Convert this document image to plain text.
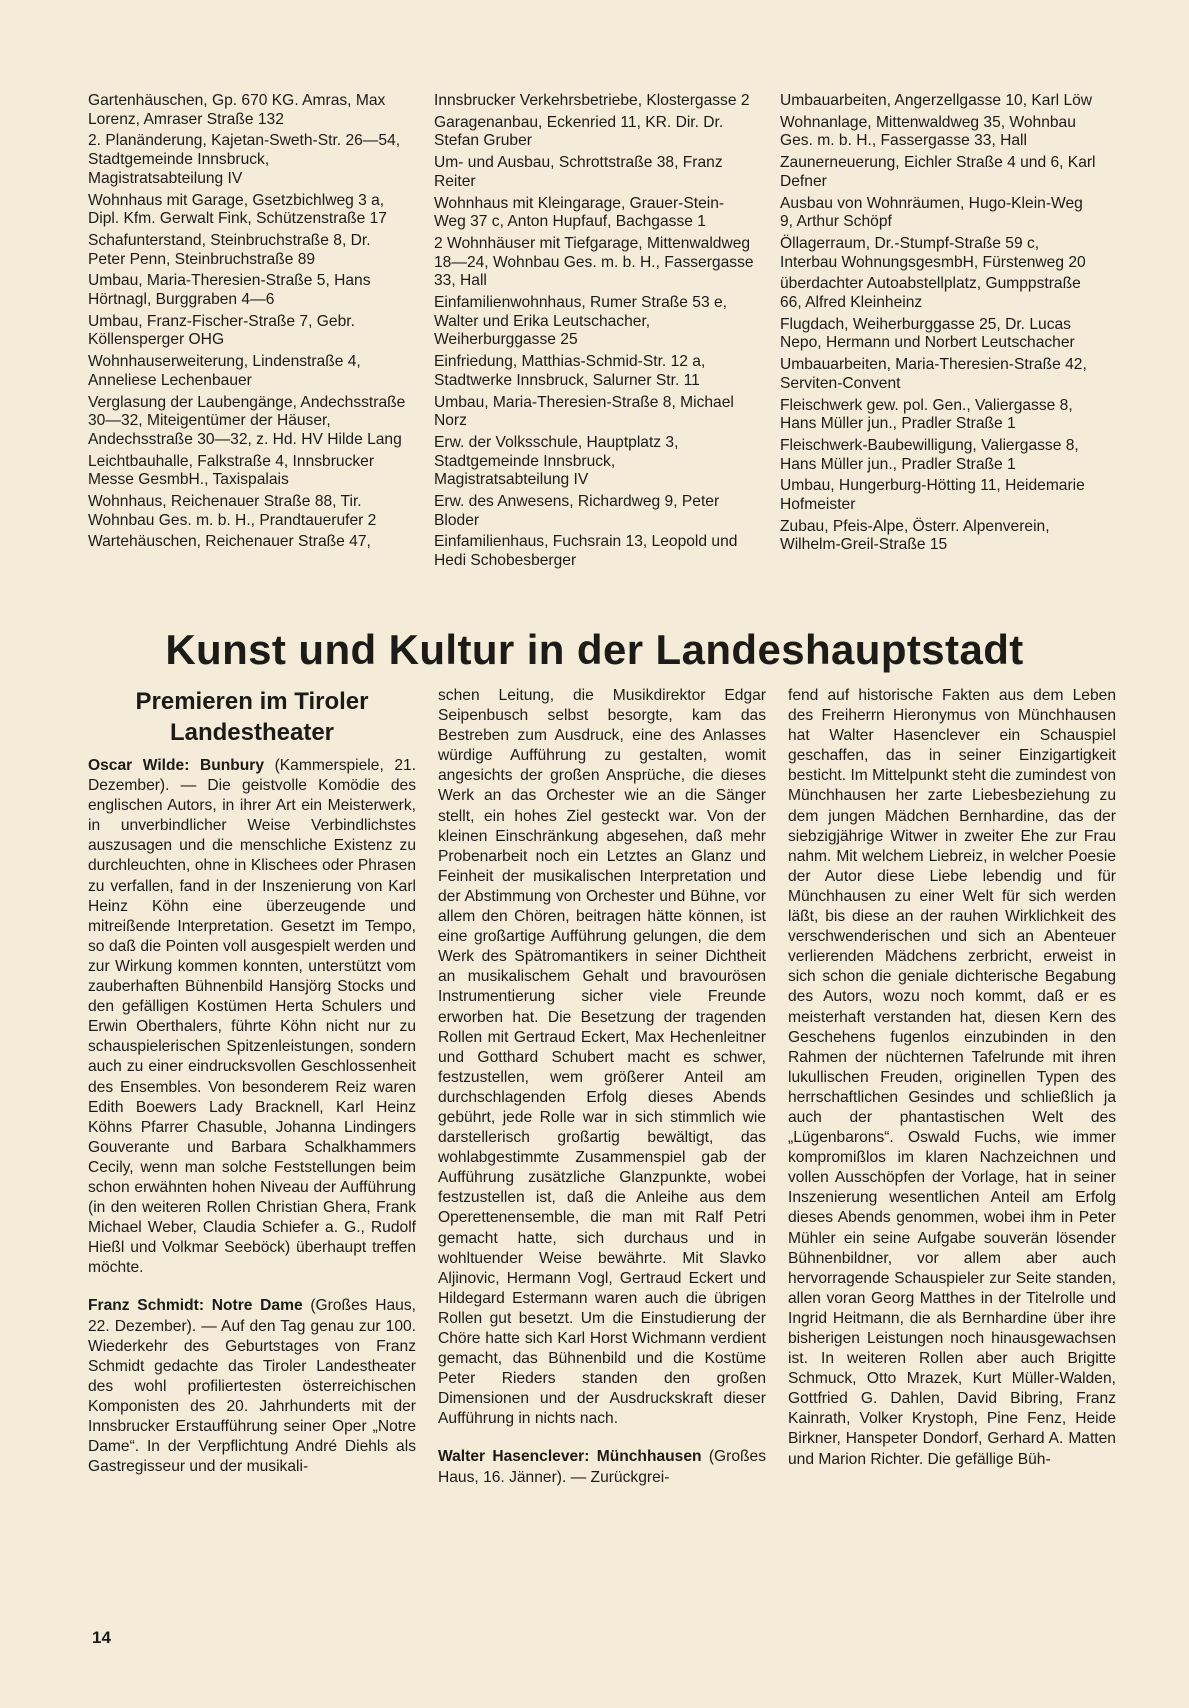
Gartenhäuschen, Gp. 670 KG. Amras, Max Lorenz, Amraser Straße 132

2. Planänderung, Kajetan-Sweth-Str. 26—54, Stadtgemeinde Innsbruck, Magistratsabteilung IV

Wohnhaus mit Garage, Gsetzbichlweg 3 a, Dipl. Kfm. Gerwalt Fink, Schützenstraße 17

Schafunterstand, Steinbruchstraße 8, Dr. Peter Penn, Steinbruchstraße 89

Umbau, Maria-Theresien-Straße 5, Hans Hörtnagl, Burggraben 4—6

Umbau, Franz-Fischer-Straße 7, Gebr. Köllensperger OHG

Wohnhauserweiterung, Lindenstraße 4, Anneliese Lechenbauer

Verglasung der Laubengänge, Andechsstraße 30—32, Miteigentümer der Häuser, Andechsstraße 30—32, z. Hd. HV Hilde Lang

Leichtbauhalle, Falkstraße 4, Innsbrucker Messe GesmbH., Taxispalais

Wohnhaus, Reichenauer Straße 88, Tir. Wohnbau Ges. m. b. H., Prandtauerufer 2

Wartehäuschen, Reichenauer Straße 47,

Innsbrucker Verkehrsbetriebe, Klostergasse 2

Garagenanbau, Eckenried 11, KR. Dir. Dr. Stefan Gruber

Um- und Ausbau, Schrottstraße 38, Franz Reiter

Wohnhaus mit Kleingarage, Grauer-Stein-Weg 37 c, Anton Hupfauf, Bachgasse 1

2 Wohnhäuser mit Tiefgarage, Mittenwaldweg 18—24, Wohnbau Ges. m. b. H., Fassergasse 33, Hall

Einfamilienwohnhaus, Rumer Straße 53 e, Walter und Erika Leutschacher, Weiherburggasse 25

Einfriedung, Matthias-Schmid-Str. 12 a, Stadtwerke Innsbruck, Salurner Str. 11

Umbau, Maria-Theresien-Straße 8, Michael Norz

Erw. der Volksschule, Hauptplatz 3, Stadtgemeinde Innsbruck, Magistratsabteilung IV

Erw. des Anwesens, Richardweg 9, Peter Bloder

Einfamilienhaus, Fuchsrain 13, Leopold und Hedi Schobesberger

Umbauarbeiten, Angerzellgasse 10, Karl Löw

Wohnanlage, Mittenwaldweg 35, Wohnbau Ges. m. b. H., Fassergasse 33, Hall

Zaunerneuerung, Eichler Straße 4 und 6, Karl Defner

Ausbau von Wohnräumen, Hugo-Klein-Weg 9, Arthur Schöpf

Öllagerraum, Dr.-Stumpf-Straße 59 c, Interbau WohnungsgesmbH, Fürstenweg 20

überdachter Autoabstellplatz, Gumppstraße 66, Alfred Kleinheinz

Flugdach, Weiherburggasse 25, Dr. Lucas Nepo, Hermann und Norbert Leutschacher

Umbauarbeiten, Maria-Theresien-Straße 42, Serviten-Convent

Fleischwerk gew. pol. Gen., Valiergasse 8, Hans Müller jun., Pradler Straße 1

Fleischwerk-Baubewilligung, Valiergasse 8, Hans Müller jun., Pradler Straße 1

Umbau, Hungerburg-Hötting 11, Heidemarie Hofmeister

Zubau, Pfeis-Alpe, Österr. Alpenverein, Wilhelm-Greil-Straße 15

Kunst und Kultur in der Landeshauptstadt
Premieren im Tiroler Landestheater

Oscar Wilde: Bunbury (Kammerspiele, 21. Dezember). — Die geistvolle Komödie des englischen Autors, in ihrer Art ein Meisterwerk, in unverbindlicher Weise Verbindlichstes auszusagen und die menschliche Existenz zu durchleuchten, ohne in Klischees oder Phrasen zu verfallen, fand in der Inszenierung von Karl Heinz Köhn eine überzeugende und mitreißende Interpretation. Gesetzt im Tempo, so daß die Pointen voll ausgespielt werden und zur Wirkung kommen konnten, unterstützt vom zauberhaften Bühnenbild Hansjörg Stocks und den gefälligen Kostümen Herta Schulers und Erwin Oberthalers, führte Köhn nicht nur zu schauspielerischen Spitzenleistungen, sondern auch zu einer eindrucksvollen Geschlossenheit des Ensembles. Von besonderem Reiz waren Edith Boewers Lady Bracknell, Karl Heinz Köhns Pfarrer Chasuble, Johanna Lindingers Gouverante und Barbara Schalkhammers Cecily, wenn man solche Feststellungen beim schon erwähnten hohen Niveau der Aufführung (in den weiteren Rollen Christian Ghera, Frank Michael Weber, Claudia Schiefer a. G., Rudolf Hießl und Volkmar Seeböck) überhaupt treffen möchte.

Franz Schmidt: Notre Dame (Großes Haus, 22. Dezember). — Auf den Tag genau zur 100. Wiederkehr des Geburtstages von Franz Schmidt gedachte das Tiroler Landestheater des wohl profiliertesten österreichischen Komponisten des 20. Jahrhunderts mit der Innsbrucker Erstaufführung seiner Oper „Notre Dame“. In der Verpflichtung André Diehls als Gastregisseur und der musikali-

schen Leitung, die Musikdirektor Edgar Seipenbusch selbst besorgte, kam das Bestreben zum Ausdruck, eine des Anlasses würdige Aufführung zu gestalten, womit angesichts der großen Ansprüche, die dieses Werk an das Orchester wie an die Sänger stellt, ein hohes Ziel gesteckt war. Von der kleinen Einschränkung abgesehen, daß mehr Probenarbeit noch ein Letztes an Glanz und Feinheit der musikalischen Interpretation und der Abstimmung von Orchester und Bühne, vor allem den Chören, beitragen hätte können, ist eine großartige Aufführung gelungen, die dem Werk des Spätromantikers in seiner Dichtheit an musikalischem Gehalt und bravourösen Instrumentierung sicher viele Freunde erworben hat. Die Besetzung der tragenden Rollen mit Gertraud Eckert, Max Hechenleitner und Gotthard Schubert macht es schwer, festzustellen, wem größerer Anteil am durchschlagenden Erfolg dieses Abends gebührt, jede Rolle war in sich stimmlich wie darstellerisch großartig bewältigt, das wohlabgestimmte Zusammenspiel gab der Aufführung zusätzliche Glanzpunkte, wobei festzustellen ist, daß die Anleihe aus dem Operettenensemble, die man mit Ralf Petri gemacht hatte, sich durchaus und in wohltuender Weise bewährte. Mit Slavko Aljinovic, Hermann Vogl, Gertraud Eckert und Hildegard Estermann waren auch die übrigen Rollen gut besetzt. Um die Einstudierung der Chöre hatte sich Karl Horst Wichmann verdient gemacht, das Bühnenbild und die Kostüme Peter Rieders standen den großen Dimensionen und der Ausdruckskraft dieser Aufführung in nichts nach.

Walter Hasenclever: Münchhausen (Großes Haus, 16. Jänner). — Zurückgrei-

fend auf historische Fakten aus dem Leben des Freiherrn Hieronymus von Münchhausen hat Walter Hasenclever ein Schauspiel geschaffen, das in seiner Einzigartigkeit besticht. Im Mittelpunkt steht die zumindest von Münchhausen her zarte Liebesbeziehung zu dem jungen Mädchen Bernhardine, das der siebzigjährige Witwer in zweiter Ehe zur Frau nahm. Mit welchem Liebreiz, in welcher Poesie der Autor diese Liebe lebendig und für Münchhausen zu einer Welt für sich werden läßt, bis diese an der rauhen Wirklichkeit des verschwenderischen und sich an Abenteuer verlierenden Mädchens zerbricht, erweist in sich schon die geniale dichterische Begabung des Autors, wozu noch kommt, daß er es meisterhaft verstanden hat, diesen Kern des Geschehens fugenlos einzubinden in den Rahmen der nüchternen Tafelrunde mit ihren lukullischen Freuden, originellen Typen des herrschaftlichen Gesindes und schließlich ja auch der phantastischen Welt des „Lügenbarons“. Oswald Fuchs, wie immer kompromißlos im klaren Nachzeichnen und vollen Ausschöpfen der Vorlage, hat in seiner Inszenierung wesentlichen Anteil am Erfolg dieses Abends genommen, wobei ihm in Peter Mühler ein seine Aufgabe souverän lösender Bühnenbildner, vor allem aber auch hervorragende Schauspieler zur Seite standen, allen voran Georg Matthes in der Titelrolle und Ingrid Heitmann, die als Bernhardine über ihre bisherigen Leistungen noch hinausgewachsen ist. In weiteren Rollen aber auch Brigitte Schmuck, Otto Mrazek, Kurt Müller-Walden, Gottfried G. Dahlen, David Bibring, Franz Kainrath, Volker Krystoph, Pine Fenz, Heide Birkner, Hanspeter Dondorf, Gerhard A. Matten und Marion Richter. Die gefällige Büh-

14
